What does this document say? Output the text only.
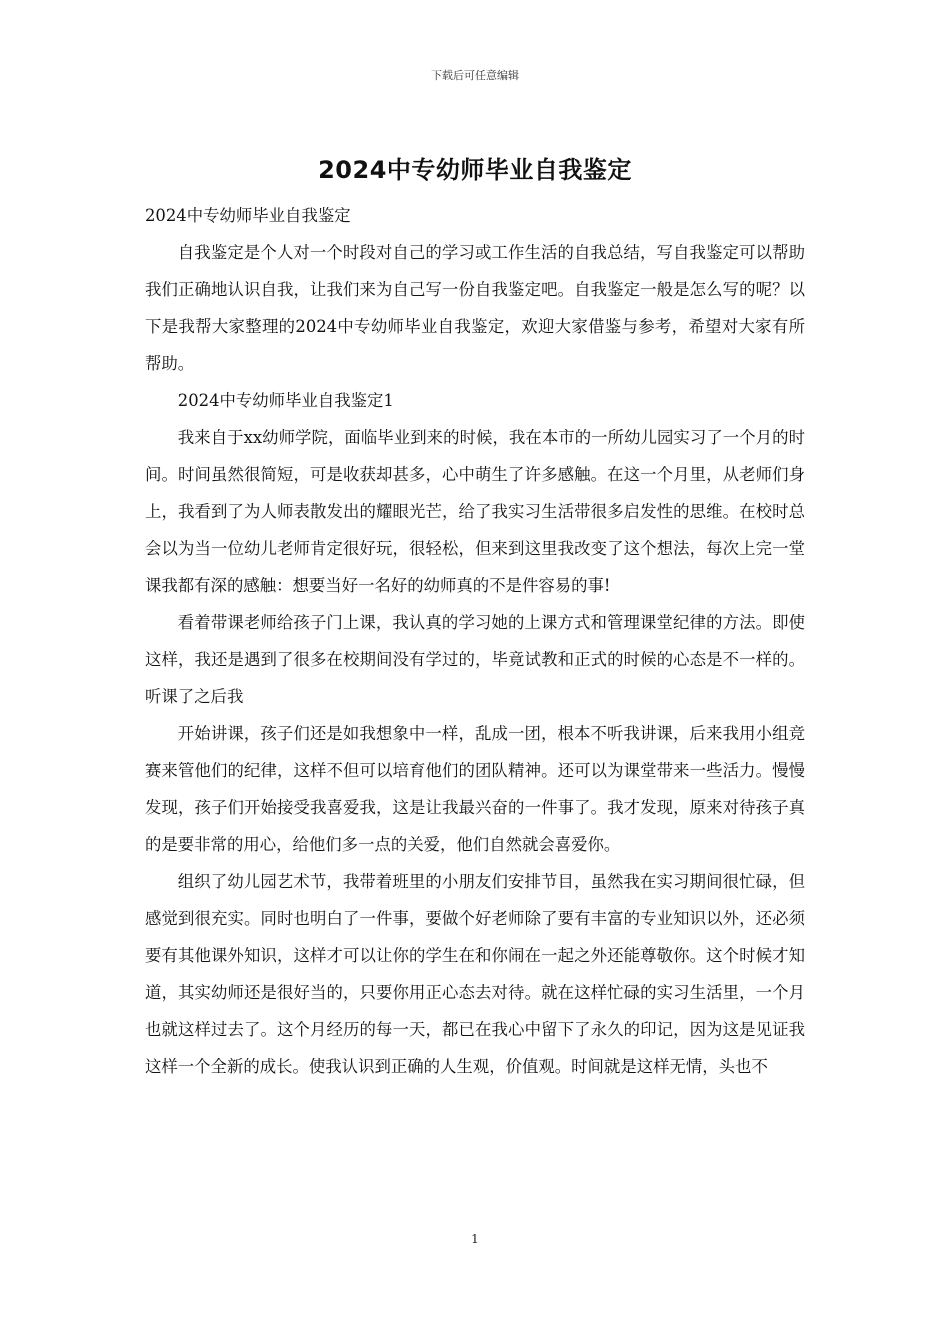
下载后可任意编辑
2024中专幼师毕业自我鉴定

2024中专幼师毕业自我鉴定

自我鉴定是个人对一个时段对自己的学习或工作生活的自我总结，写自我鉴定可以帮助我们正确地认识自我，让我们来为自己写一份自我鉴定吧。自我鉴定一般是怎么写的呢？以下是我帮大家整理的2024中专幼师毕业自我鉴定，欢迎大家借鉴与参考，希望对大家有所帮助。

2024中专幼师毕业自我鉴定1

我来自于xx幼师学院，面临毕业到来的时候，我在本市的一所幼儿园实习了一个月的时间。时间虽然很简短，可是收获却甚多，心中萌生了许多感触。在这一个月里，从老师们身上，我看到了为人师表散发出的耀眼光芒，给了我实习生活带很多启发性的思维。在校时总会以为当一位幼儿老师肯定很好玩，很轻松，但来到这里我改变了这个想法，每次上完一堂课我都有深的感触：想要当好一名好的幼师真的不是件容易的事!

看着带课老师给孩子门上课，我认真的学习她的上课方式和管理课堂纪律的方法。即使这样，我还是遇到了很多在校期间没有学过的，毕竟试教和正式的时候的心态是不一样的。听课了之后我

开始讲课，孩子们还是如我想象中一样，乱成一团，根本不听我讲课，后来我用小组竞赛来管他们的纪律，这样不但可以培育他们的团队精神。还可以为课堂带来一些活力。慢慢发现，孩子们开始接受我喜爱我，这是让我最兴奋的一件事了。我才发现，原来对待孩子真的是要非常的用心，给他们多一点的关爱，他们自然就会喜爱你。

组织了幼儿园艺术节，我带着班里的小朋友们安排节目，虽然我在实习期间很忙碌，但感觉到很充实。同时也明白了一件事，要做个好老师除了要有丰富的专业知识以外，还必须要有其他课外知识，这样才可以让你的学生在和你闹在一起之外还能尊敬你。这个时候才知道，其实幼师还是很好当的，只要你用正心态去对待。就在这样忙碌的实习生活里，一个月也就这样过去了。这个月经历的每一天，都已在我心中留下了永久的印记，因为这是见证我这样一个全新的成长。使我认识到正确的人生观，价值观。时间就是这样无情，头也不

1
